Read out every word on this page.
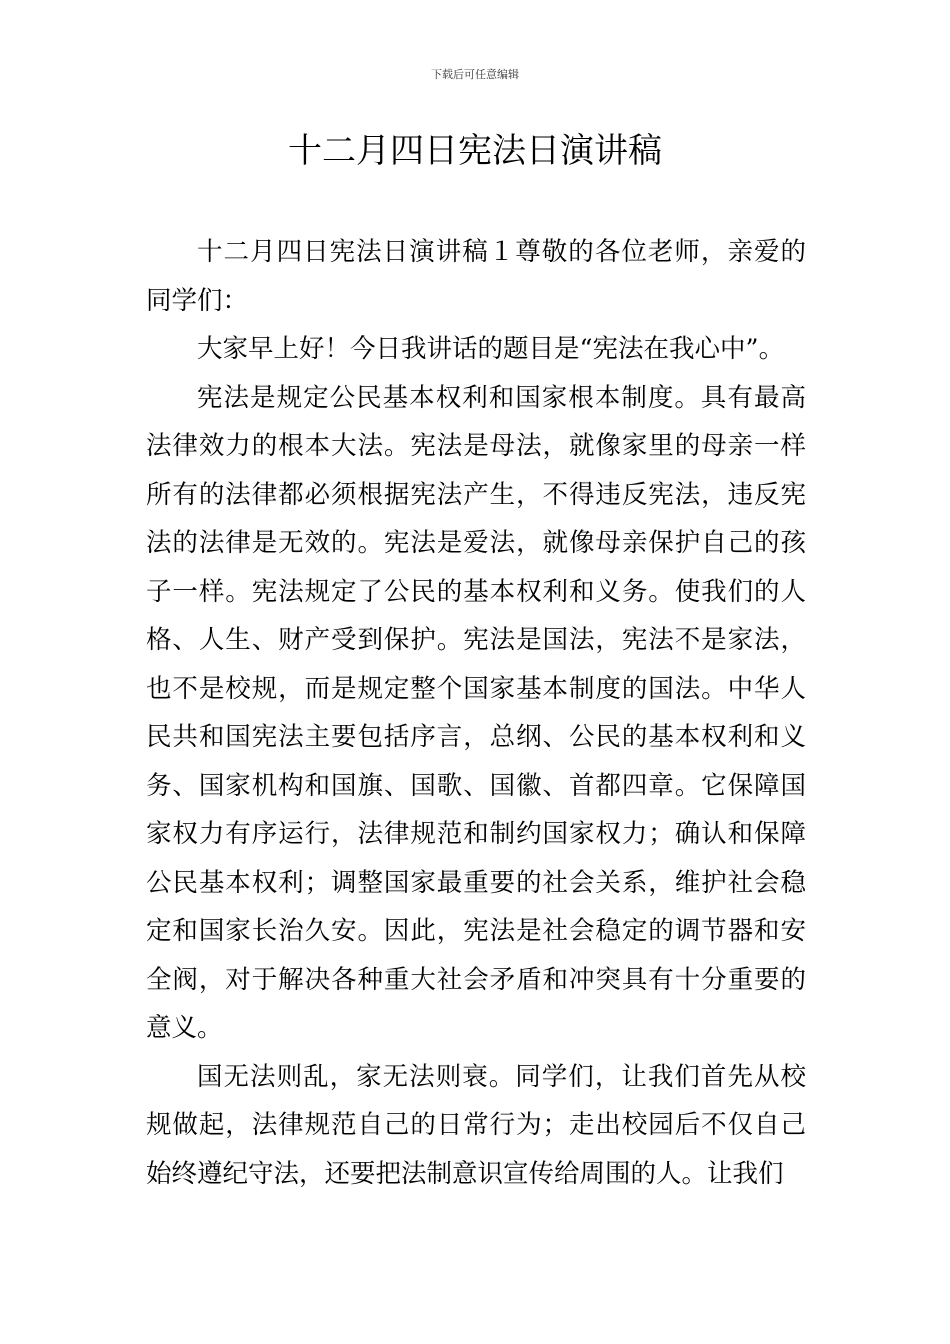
下载后可任意编辑
十二月四日宪法日演讲稿

十二月四日宪法日演讲稿１尊敬的各位老师，亲爱的同学们：

大家早上好！今日我讲话的题目是“宪法在我心中”。

宪法是规定公民基本权利和国家根本制度。具有最高法律效力的根本大法。宪法是母法，就像家里的母亲一样所有的法律都必须根据宪法产生，不得违反宪法，违反宪法的法律是无效的。宪法是爱法，就像母亲保护自己的孩子一样。宪法规定了公民的基本权利和义务。使我们的人格、人生、财产受到保护。宪法是国法，宪法不是家法，也不是校规，而是规定整个国家基本制度的国法。中华人民共和国宪法主要包括序言，总纲、公民的基本权利和义务、国家机构和国旗、国歌、国徽、首都四章。它保障国家权力有序运行，法律规范和制约国家权力；确认和保障公民基本权利；调整国家最重要的社会关系，维护社会稳定和国家长治久安。因此，宪法是社会稳定的调节器和安全阀，对于解决各种重大社会矛盾和冲突具有十分重要的意义。

国无法则乱，家无法则衰。同学们，让我们首先从校规做起，法律规范自己的日常行为；走出校园后不仅自己始终遵纪守法，还要把法制意识宣传给周围的人。让我们
